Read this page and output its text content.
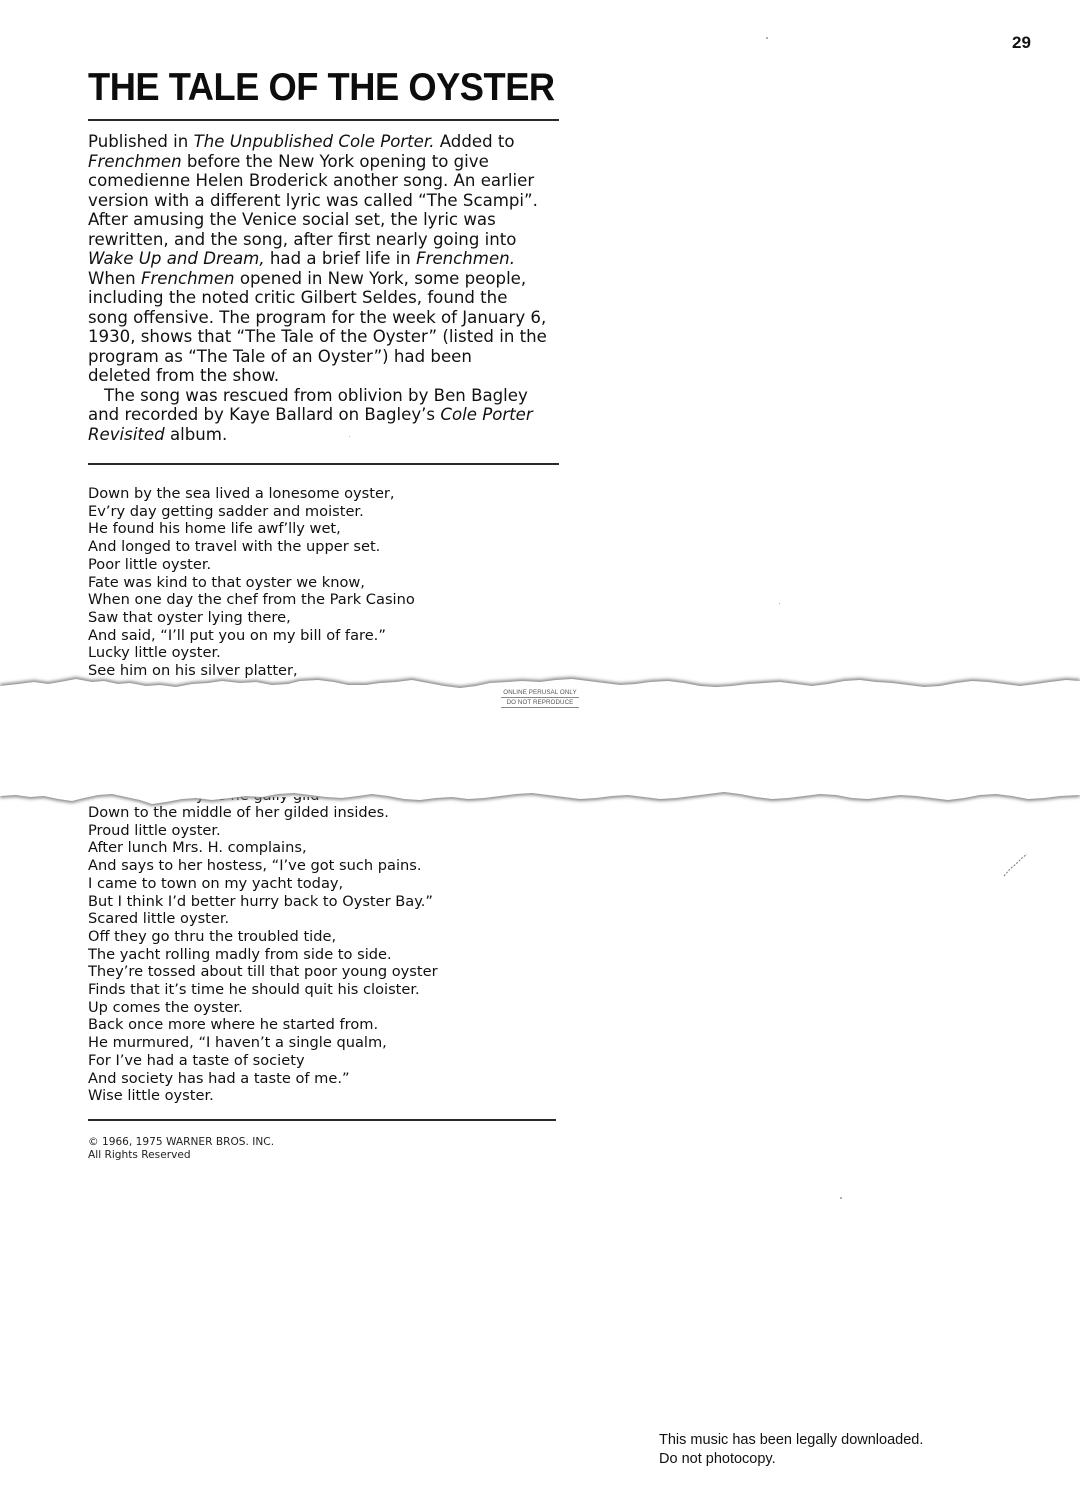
29
THE TALE OF THE OYSTER

Published in The Unpublished Cole Porter. Added to

Frenchmen before the New York opening to give

comedienne Helen Broderick another song. An earlier

version with a different lyric was called “The Scampi”.

After amusing the Venice social set, the lyric was

rewritten, and the song, after first nearly going into

Wake Up and Dream, had a brief life in Frenchmen.

When Frenchmen opened in New York, some people,

including the noted critic Gilbert Seldes, found the

song offensive. The program for the week of January 6,

1930, shows that “The Tale of the Oyster” (listed in the

program as “The Tale of an Oyster”) had been

deleted from the show.

The song was rescued from oblivion by Ben Bagley

and recorded by Kaye Ballard on Bagley’s Cole Porter

Revisited album.

Down by the sea lived a lonesome oyster,
Ev’ry day getting sadder and moister.
He found his home life awf’lly wet,
And longed to travel with the upper set.
Poor little oyster.
Fate was kind to that oyster we know,
When one day the chef from the Park Casino
Saw that oyster lying there,
And said, “I’ll put you on my bill of fare.”
Lucky little oyster.
See him on his silver platter,
ONLINE PERUSAL ONLY
DO NOT REPRODUCE
Down to the middle of her gilded insides.
Proud little oyster.
After lunch Mrs. H. complains,
And says to her hostess, “I’ve got such pains.
I came to town on my yacht today,
But I think I’d better hurry back to Oyster Bay.”
Scared little oyster.
Off they go thru the troubled tide,
The yacht rolling madly from side to side.
They’re tossed about till that poor young oyster
Finds that it’s time he should quit his cloister.
Up comes the oyster.
Back once more where he started from.
He murmured, “I haven’t a single qualm,
For I’ve had a taste of society
And society has had a taste of me.”
Wise little oyster.
© 1966, 1975 WARNER BROS. INC.
All Rights Reserved
This music has been legally downloaded.
Do not photocopy.
